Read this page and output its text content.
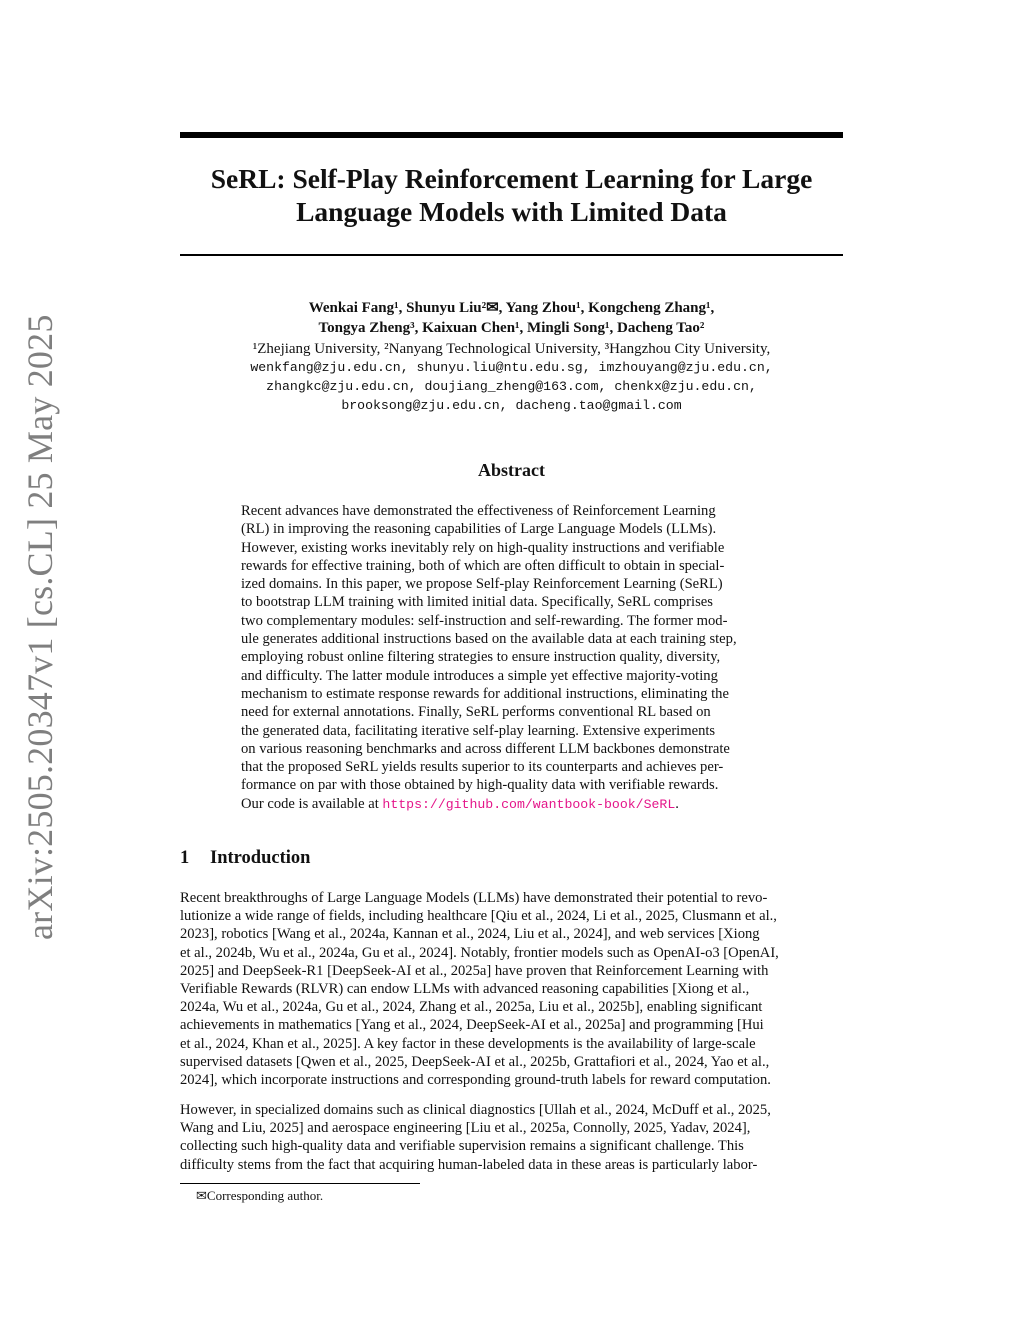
arXiv:2505.20347v1 [cs.CL] 25 May 2025
SeRL: Self-Play Reinforcement Learning for Large
Language Models with Limited Data
Wenkai Fang¹, Shunyu Liu²✉, Yang Zhou¹, Kongcheng Zhang¹,
Tongya Zheng³, Kaixuan Chen¹, Mingli Song¹, Dacheng Tao²
¹Zhejiang University, ²Nanyang Technological University, ³Hangzhou City University,
wenkfang@zju.edu.cn, shunyu.liu@ntu.edu.sg, imzhouyang@zju.edu.cn,
zhangkc@zju.edu.cn, doujiang_zheng@163.com, chenkx@zju.edu.cn,
brooksong@zju.edu.cn, dacheng.tao@gmail.com
Abstract
Recent advances have demonstrated the effectiveness of Reinforcement Learning
(RL) in improving the reasoning capabilities of Large Language Models (LLMs).
However, existing works inevitably rely on high-quality instructions and verifiable
rewards for effective training, both of which are often difficult to obtain in special-
ized domains. In this paper, we propose Self-play Reinforcement Learning (SeRL)
to bootstrap LLM training with limited initial data. Specifically, SeRL comprises
two complementary modules: self-instruction and self-rewarding. The former mod-
ule generates additional instructions based on the available data at each training step,
employing robust online filtering strategies to ensure instruction quality, diversity,
and difficulty. The latter module introduces a simple yet effective majority-voting
mechanism to estimate response rewards for additional instructions, eliminating the
need for external annotations. Finally, SeRL performs conventional RL based on
the generated data, facilitating iterative self-play learning. Extensive experiments
on various reasoning benchmarks and across different LLM backbones demonstrate
that the proposed SeRL yields results superior to its counterparts and achieves per-
formance on par with those obtained by high-quality data with verifiable rewards.
Our code is available at https://github.com/wantbook-book/SeRL.
1 Introduction
Recent breakthroughs of Large Language Models (LLMs) have demonstrated their potential to revo-
lutionize a wide range of fields, including healthcare [Qiu et al., 2024, Li et al., 2025, Clusmann et al.,
2023], robotics [Wang et al., 2024a, Kannan et al., 2024, Liu et al., 2024], and web services [Xiong
et al., 2024b, Wu et al., 2024a, Gu et al., 2024]. Notably, frontier models such as OpenAI-o3 [OpenAI,
2025] and DeepSeek-R1 [DeepSeek-AI et al., 2025a] have proven that Reinforcement Learning with
Verifiable Rewards (RLVR) can endow LLMs with advanced reasoning capabilities [Xiong et al.,
2024a, Wu et al., 2024a, Gu et al., 2024, Zhang et al., 2025a, Liu et al., 2025b], enabling significant
achievements in mathematics [Yang et al., 2024, DeepSeek-AI et al., 2025a] and programming [Hui
et al., 2024, Khan et al., 2025]. A key factor in these developments is the availability of large-scale
supervised datasets [Qwen et al., 2025, DeepSeek-AI et al., 2025b, Grattafiori et al., 2024, Yao et al.,
2024], which incorporate instructions and corresponding ground-truth labels for reward computation.
However, in specialized domains such as clinical diagnostics [Ullah et al., 2024, McDuff et al., 2025,
Wang and Liu, 2025] and aerospace engineering [Liu et al., 2025a, Connolly, 2025, Yadav, 2024],
collecting such high-quality data and verifiable supervision remains a significant challenge. This
difficulty stems from the fact that acquiring human-labeled data in these areas is particularly labor-
✉Corresponding author.
